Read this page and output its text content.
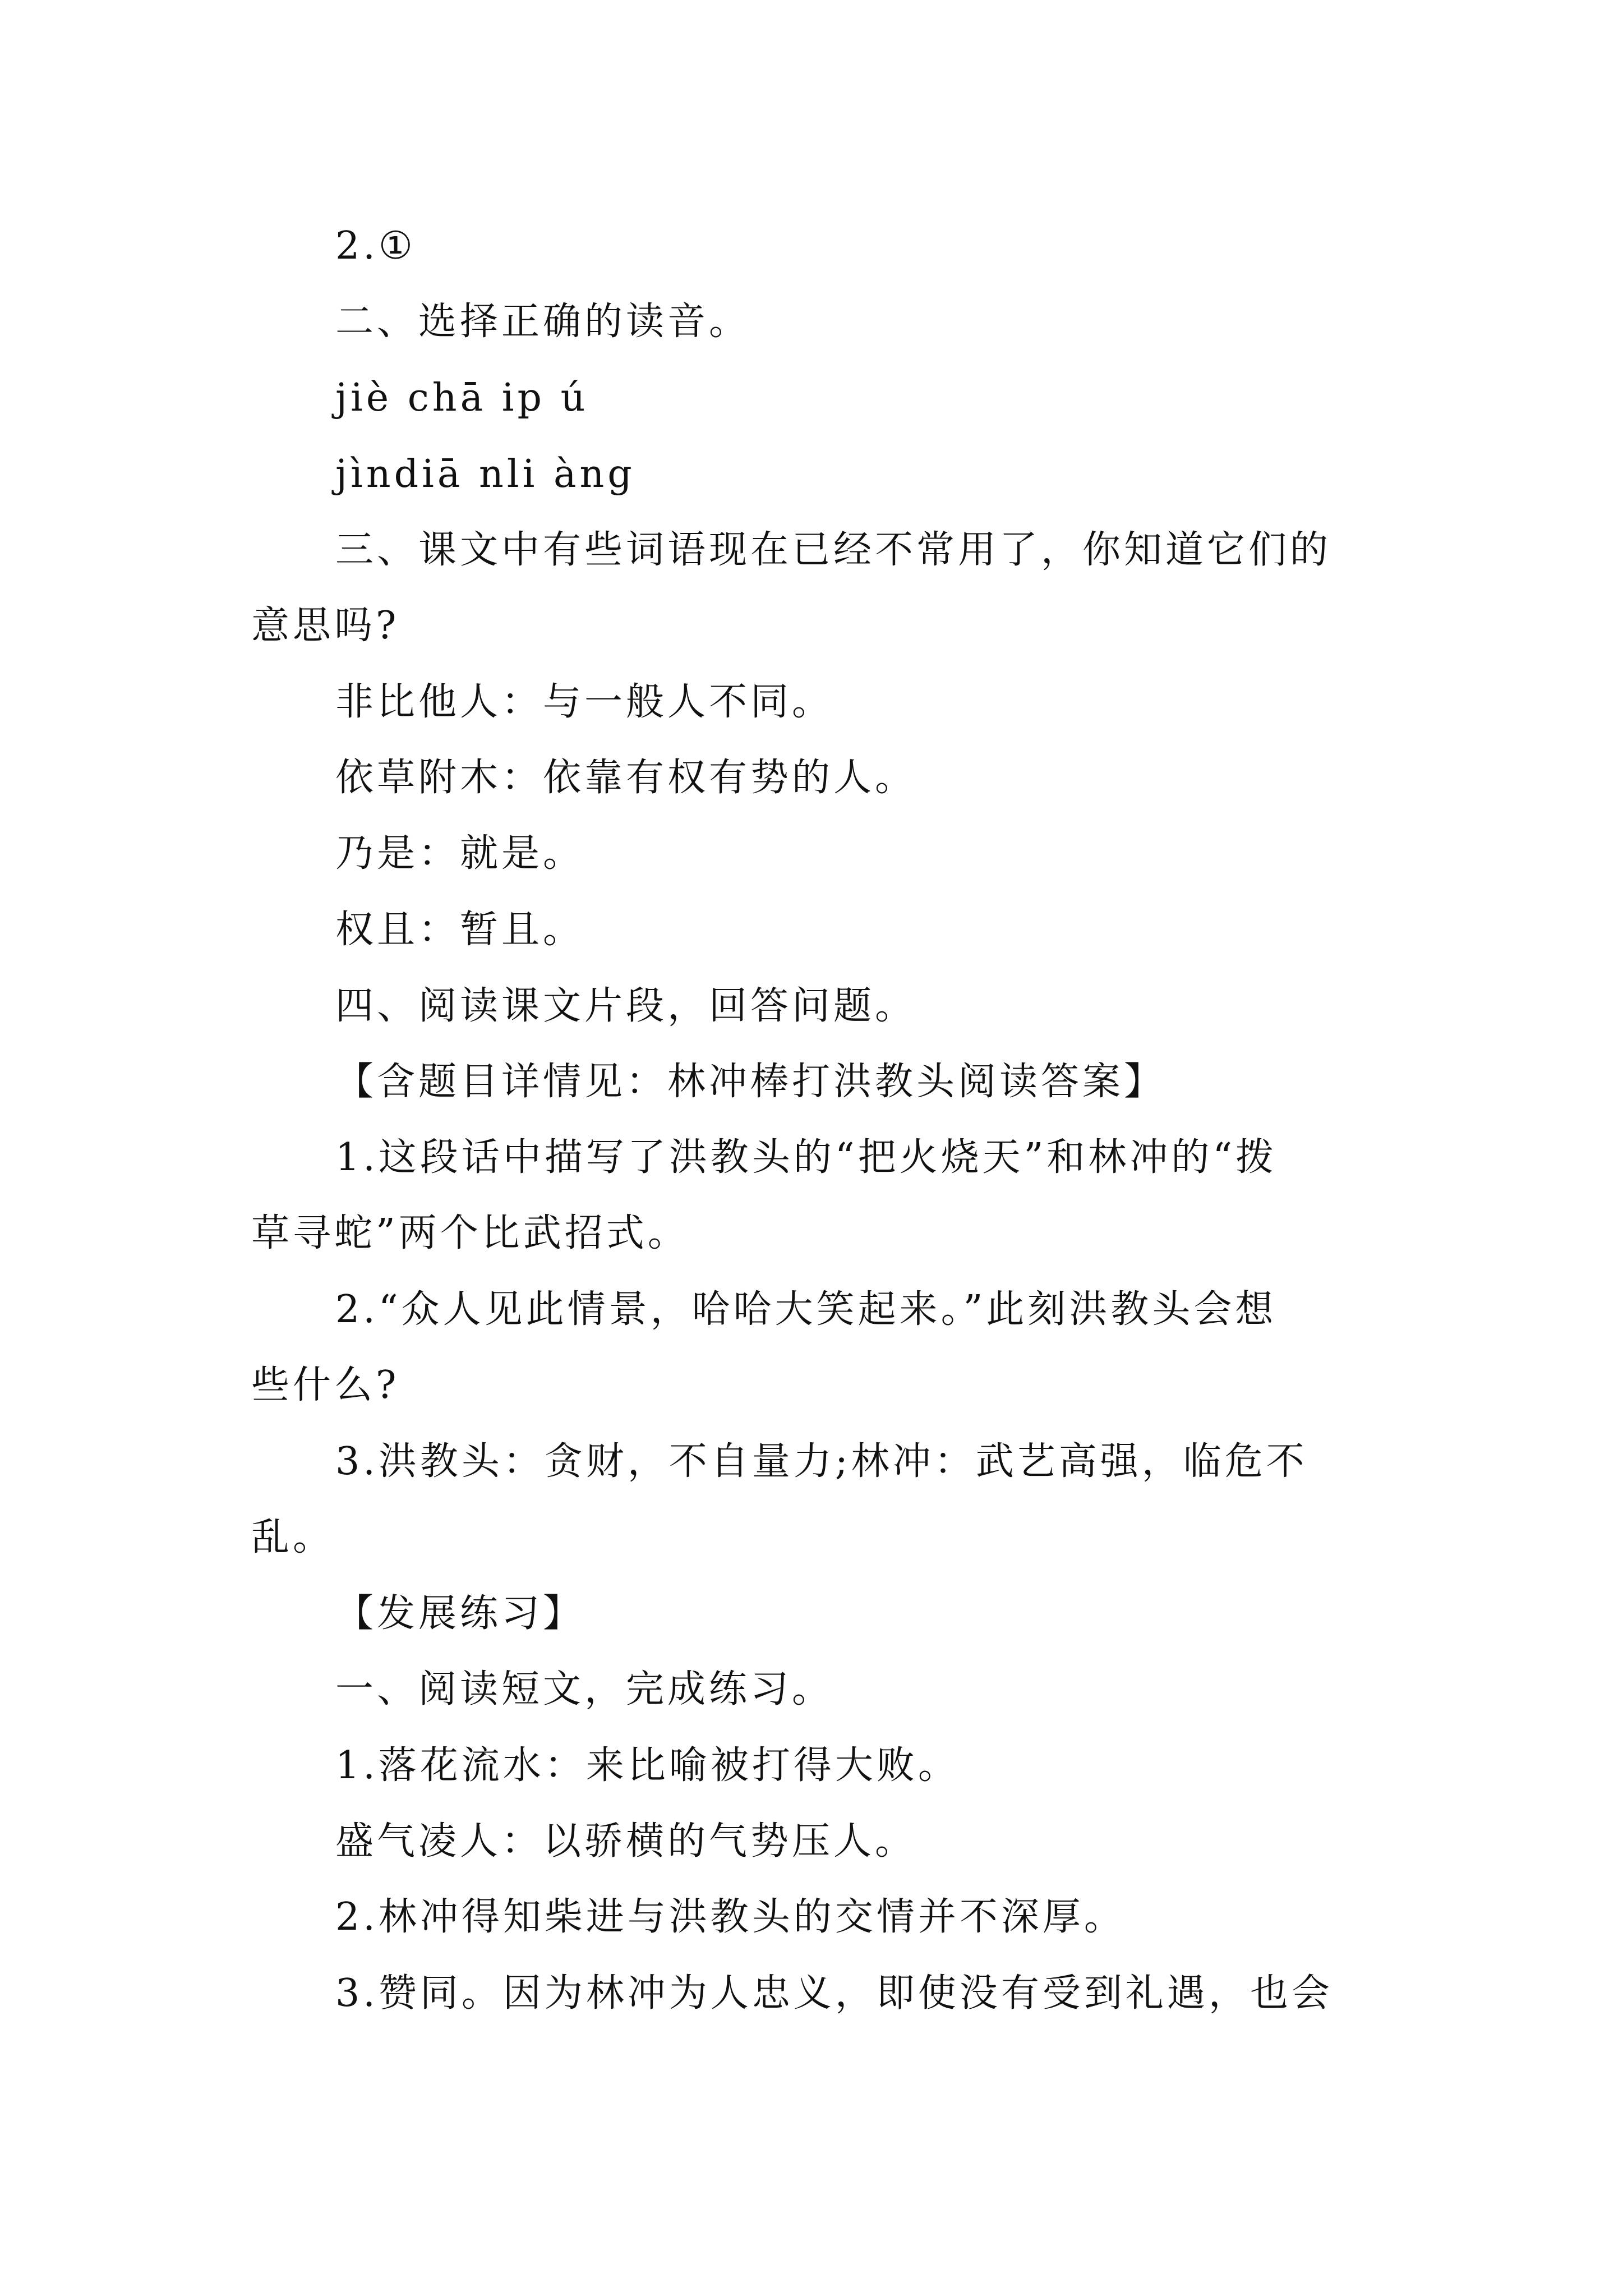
2.①
二、选择正确的读音。
jiè chā ip ú
jìndiā nli àng
三、课文中有些词语现在已经不常用了，你知道它们的
意思吗?
非比他人：与一般人不同。
依草附木：依靠有权有势的人。
乃是：就是。
权且：暂且。
四、阅读课文片段，回答问题。
【含题目详情见：林冲棒打洪教头阅读答案】
1.这段话中描写了洪教头的“把火烧天”和林冲的“拨
草寻蛇”两个比武招式。
2.“众人见此情景，哈哈大笑起来。”此刻洪教头会想
些什么?
3.洪教头：贪财，不自量力;林冲：武艺高强，临危不
乱。
【发展练习】
一、阅读短文，完成练习。
1.落花流水：来比喻被打得大败。
盛气凌人：以骄横的气势压人。
2.林冲得知柴进与洪教头的交情并不深厚。
3.赞同。因为林冲为人忠义，即使没有受到礼遇，也会
